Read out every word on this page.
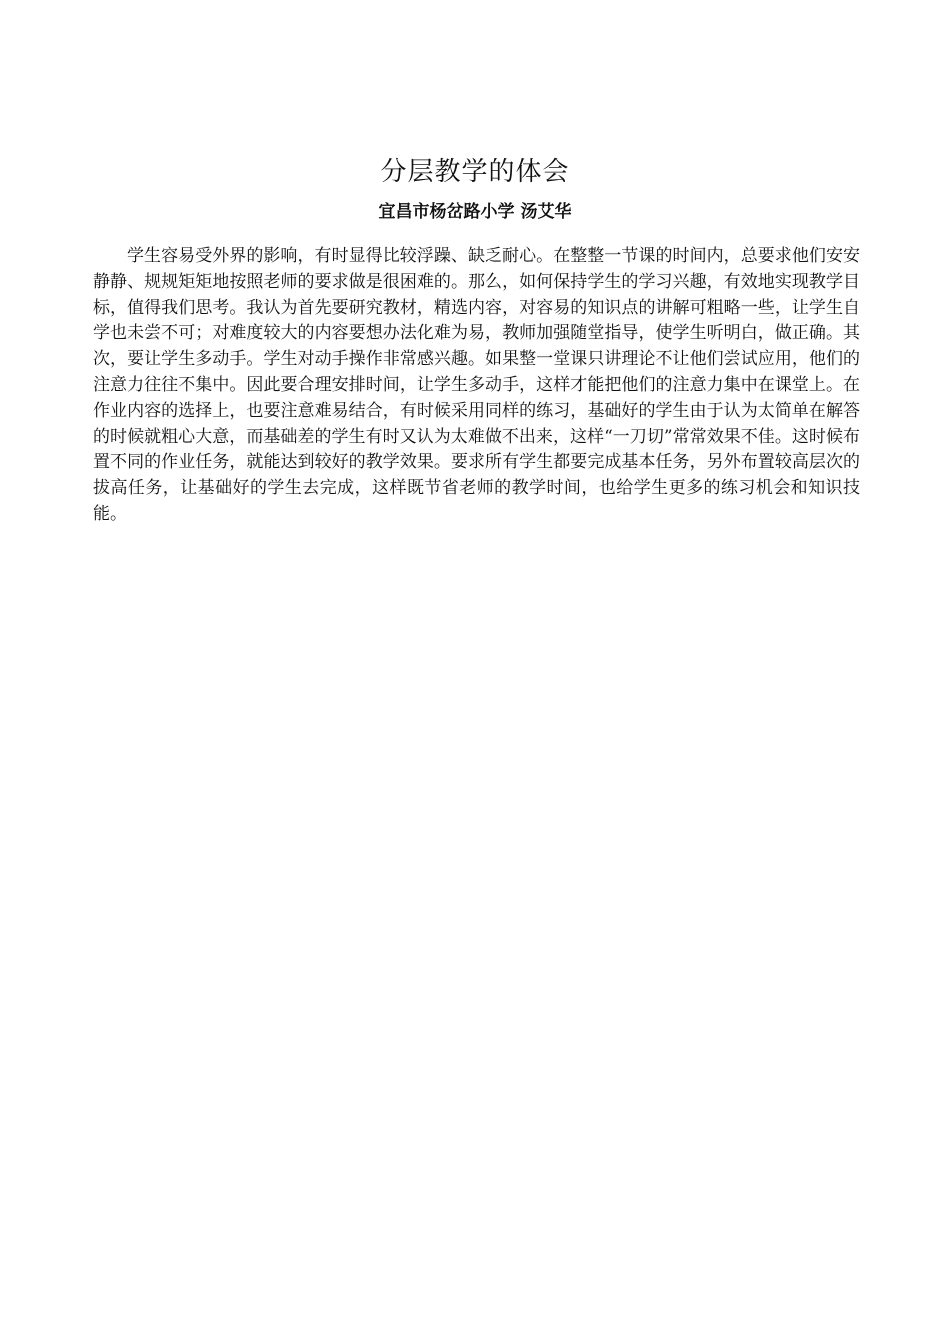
分层教学的体会
宜昌市杨岔路小学 汤艾华

学生容易受外界的影响，有时显得比较浮躁、缺乏耐心。在整整一节课的时间内，总要求他们安安静静、规规矩矩地按照老师的要求做是很困难的。那么，如何保持学生的学习兴趣，有效地实现教学目标，值得我们思考。我认为首先要研究教材，精选内容，对容易的知识点的讲解可粗略一些，让学生自学也未尝不可；对难度较大的内容要想办法化难为易，教师加强随堂指导，使学生听明白，做正确。其次，要让学生多动手。学生对动手操作非常感兴趣。如果整一堂课只讲理论不让他们尝试应用，他们的注意力往往不集中。因此要合理安排时间，让学生多动手，这样才能把他们的注意力集中在课堂上。在作业内容的选择上，也要注意难易结合，有时候采用同样的练习，基础好的学生由于认为太简单在解答的时候就粗心大意，而基础差的学生有时又认为太难做不出来，这样“一刀切”常常效果不佳。这时候布置不同的作业任务，就能达到较好的教学效果。要求所有学生都要完成基本任务，另外布置较高层次的拔高任务，让基础好的学生去完成，这样既节省老师的教学时间，也给学生更多的练习机会和知识技能。
